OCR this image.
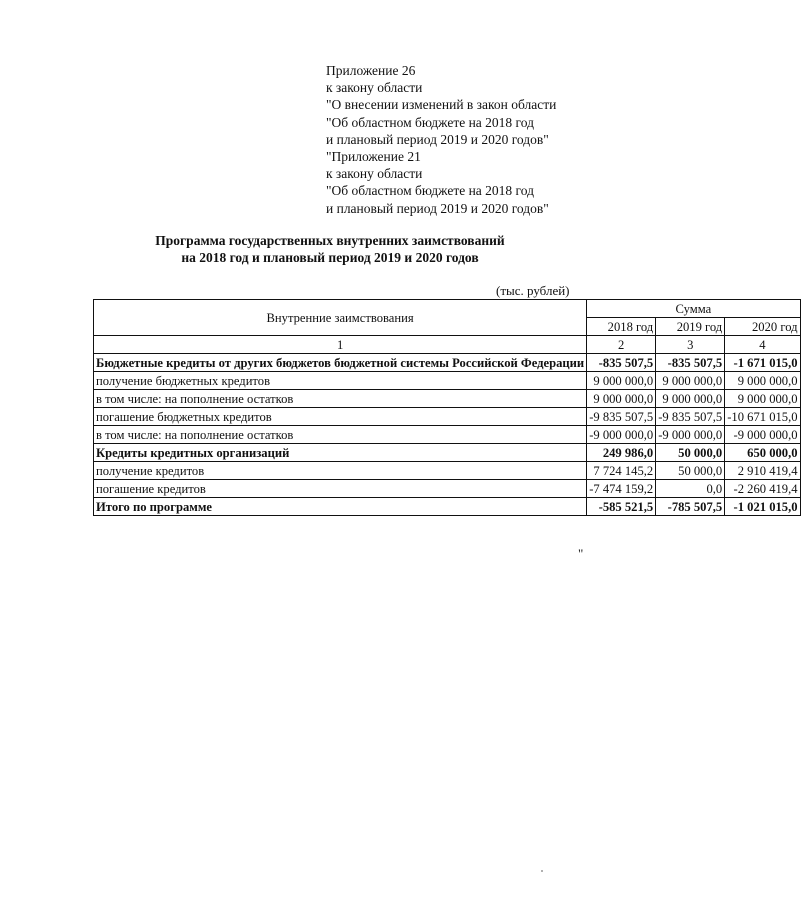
Приложение 26
к закону области
"О внесении изменений в закон области
"Об областном бюджете на 2018 год
и плановый период 2019 и 2020 годов"
"Приложение 21
к закону области
"Об областном бюджете на 2018 год
и плановый период 2019 и 2020 годов"
Программа государственных внутренних заимствований
на 2018 год и плановый период 2019 и 2020 годов
(тыс. рублей)
Внутренние заимствования	Сумма		
	2018 год	2019 год	2020 год
1	2	3	4
Бюджетные кредиты от других бюджетов бюджетной системы Российской Федерации	-835 507,5	-835 507,5	-1 671 015,0
получение бюджетных кредитов	9 000 000,0	9 000 000,0	9 000 000,0
в том числе: на пополнение остатков	9 000 000,0	9 000 000,0	9 000 000,0
погашение бюджетных кредитов	-9 835 507,5	-9 835 507,5	-10 671 015,0
в том числе: на пополнение остатков	-9 000 000,0	-9 000 000,0	-9 000 000,0
Кредиты кредитных организаций	249 986,0	50 000,0	650 000,0
получение кредитов	7 724 145,2	50 000,0	2 910 419,4
погашение кредитов	-7 474 159,2	0,0	-2 260 419,4
Итого по программе	-585 521,5	-785 507,5	-1 021 015,0
"
